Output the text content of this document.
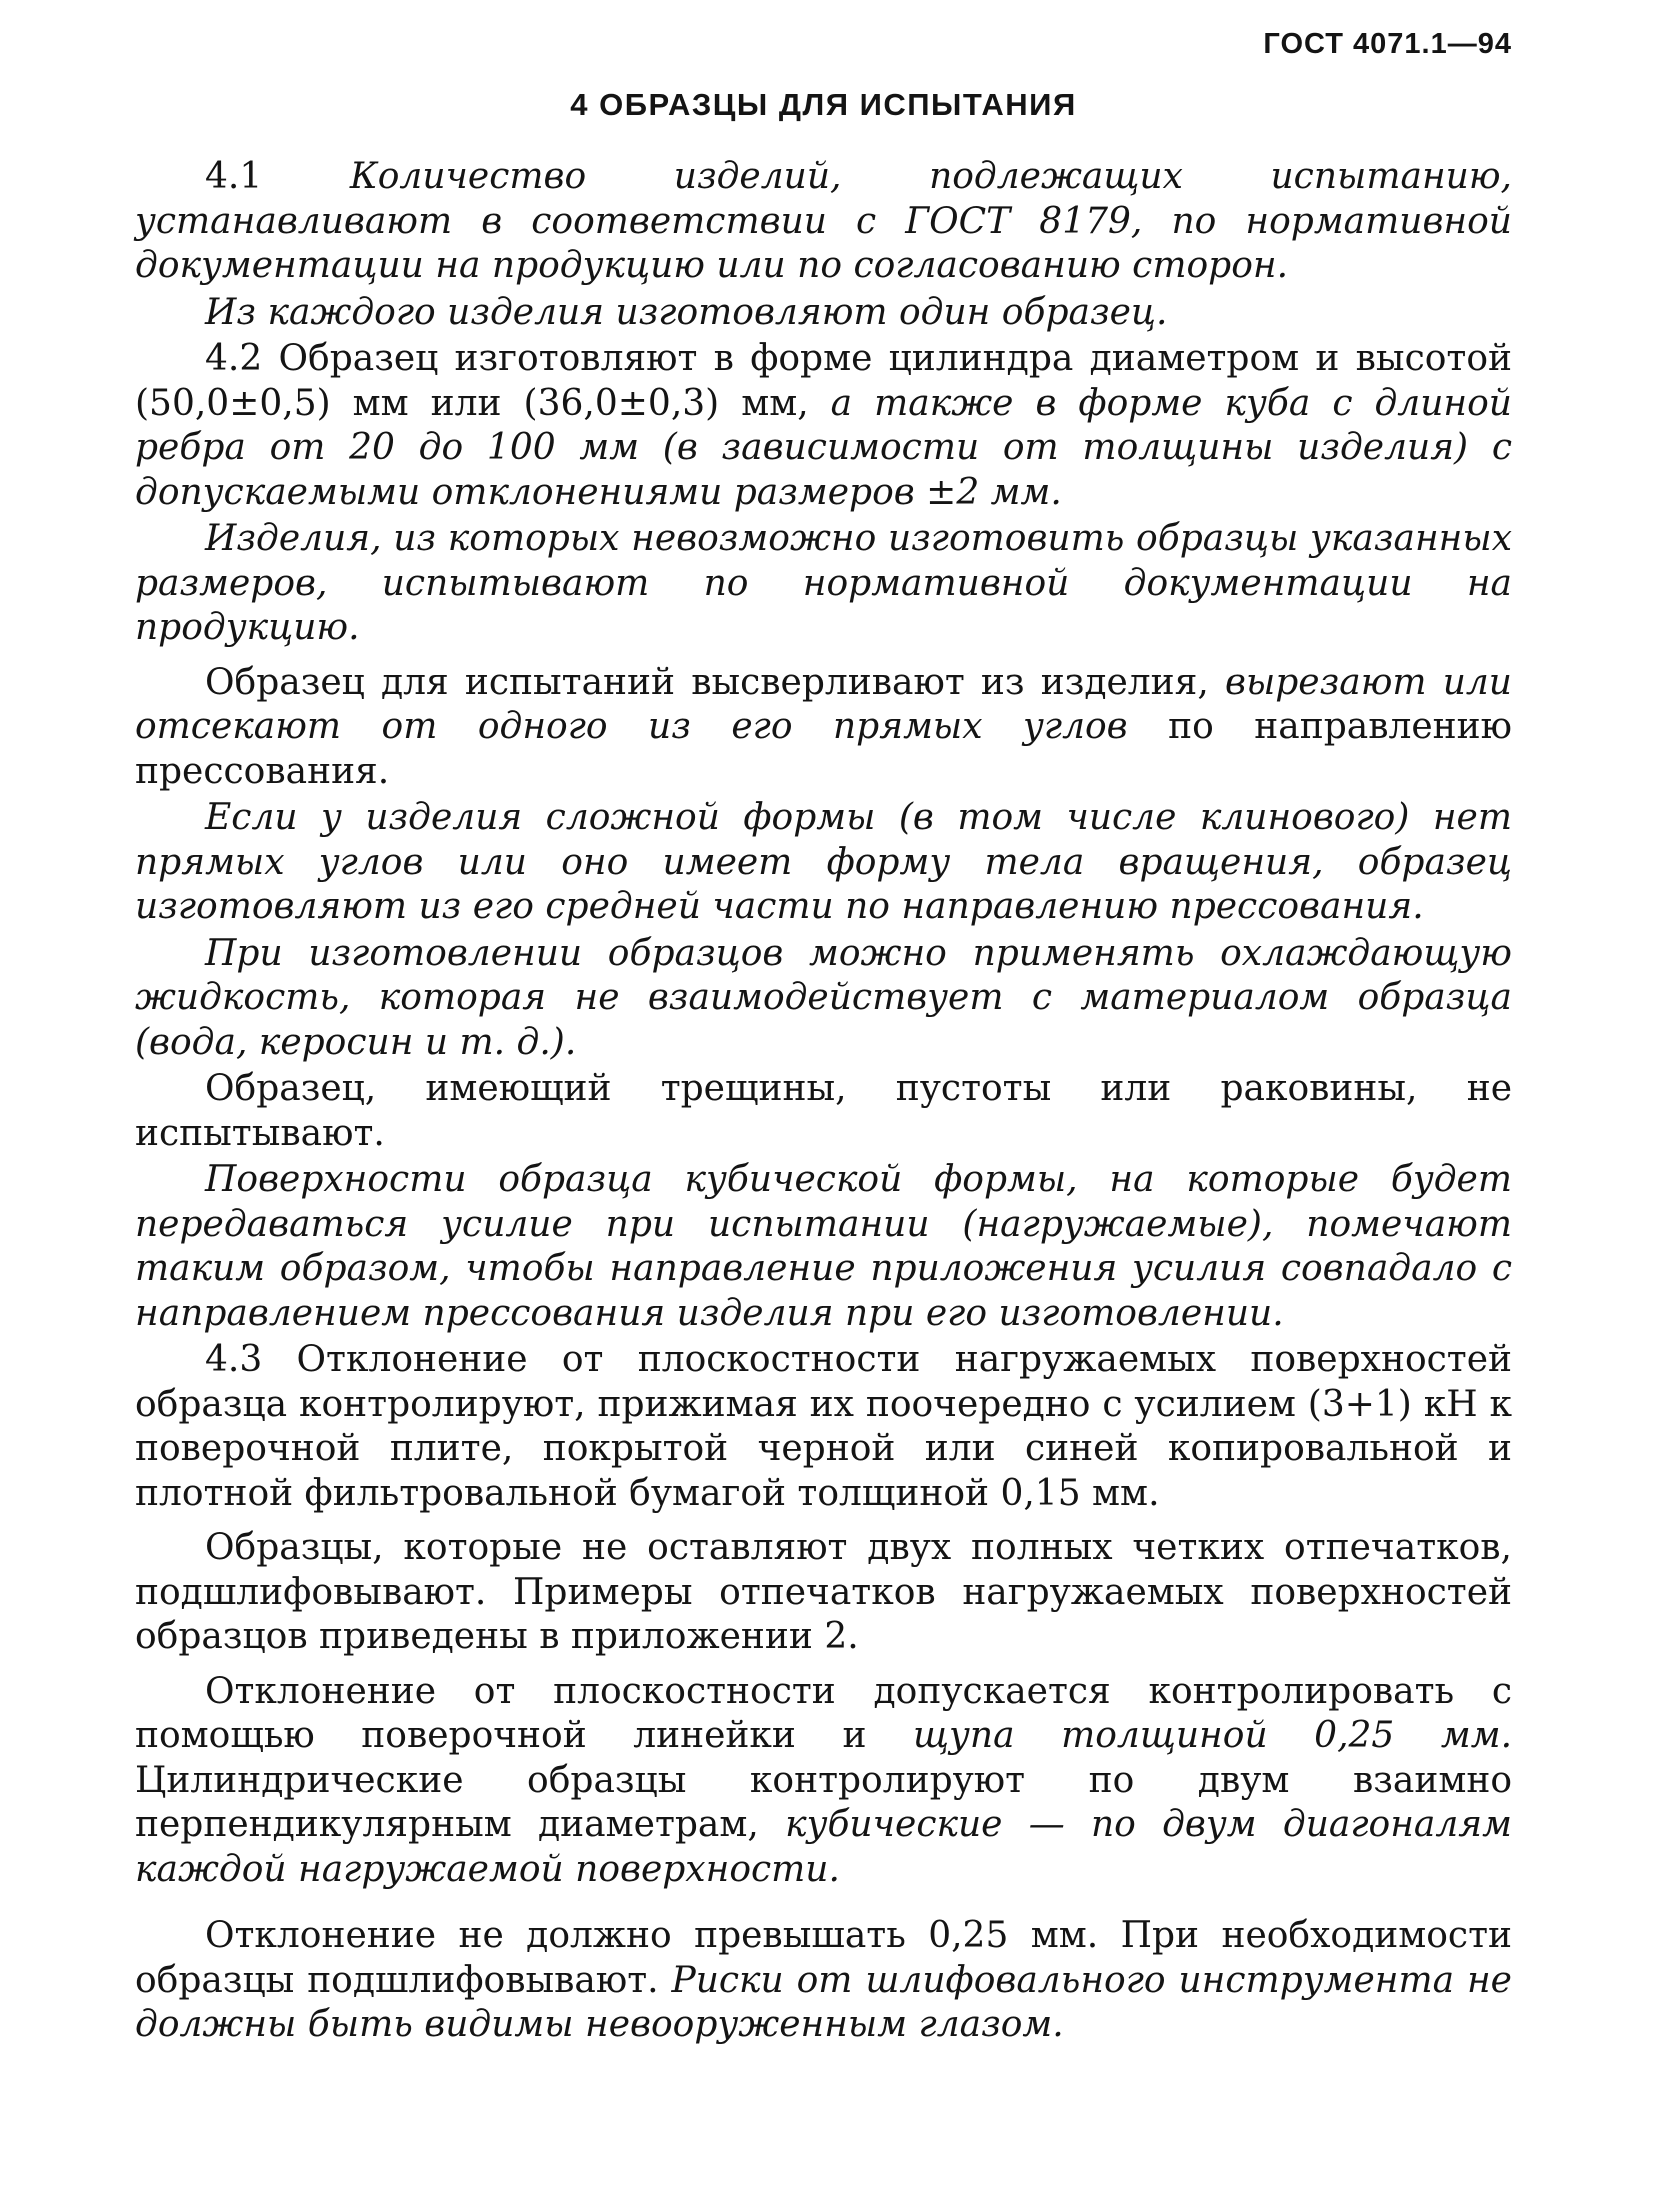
ГОСТ 4071.1—94
4 ОБРАЗЦЫ ДЛЯ ИСПЫТАНИЯ

4.1 Количество изделий, подлежащих испытанию, устанавливают в соответствии с ГОСТ 8179, по нормативной документации на продукцию или по согласованию сторон.

Из каждого изделия изготовляют один образец.

4.2 Образец изготовляют в форме цилиндра диаметром и высотой (50,0±0,5) мм или (36,0±0,3) мм, а также в форме куба с длиной ребра от 20 до 100 мм (в зависимости от толщины изделия) с допускаемыми отклонениями размеров ±2 мм.

Изделия, из которых невозможно изготовить образцы указанных размеров, испытывают по нормативной документации на продукцию.

Образец для испытаний высверливают из изделия, вырезают или отсекают от одного из его прямых углов по направлению прессования.

Если у изделия сложной формы (в том числе клинового) нет прямых углов или оно имеет форму тела вращения, образец изготовляют из его средней части по направлению прессования.

При изготовлении образцов можно применять охлаждающую жидкость, которая не взаимодействует с материалом образца (вода, керосин и т. д.).

Образец, имеющий трещины, пустоты или раковины, не испытывают.

Поверхности образца кубической формы, на которые будет передаваться усилие при испытании (нагружаемые), помечают таким образом, чтобы направление приложения усилия совпадало с направлением прессования изделия при его изготовлении.

4.3 Отклонение от плоскостности нагружаемых поверхностей образца контролируют, прижимая их поочередно с усилием (3+1) кН к поверочной плите, покрытой черной или синей копировальной и плотной фильтровальной бумагой толщиной 0,15 мм.

Образцы, которые не оставляют двух полных четких отпечатков, подшлифовывают. Примеры отпечатков нагружаемых поверхностей образцов приведены в приложении 2.

Отклонение от плоскостности допускается контролировать с помощью поверочной линейки и щупа толщиной 0,25 мм. Цилиндрические образцы контролируют по двум взаимно перпендикулярным диаметрам, кубические — по двум диагоналям каждой нагружаемой поверхности.

Отклонение не должно превышать 0,25 мм. При необходимости образцы подшлифовывают. Риски от шлифовального инструмента не должны быть видимы невооруженным глазом.
